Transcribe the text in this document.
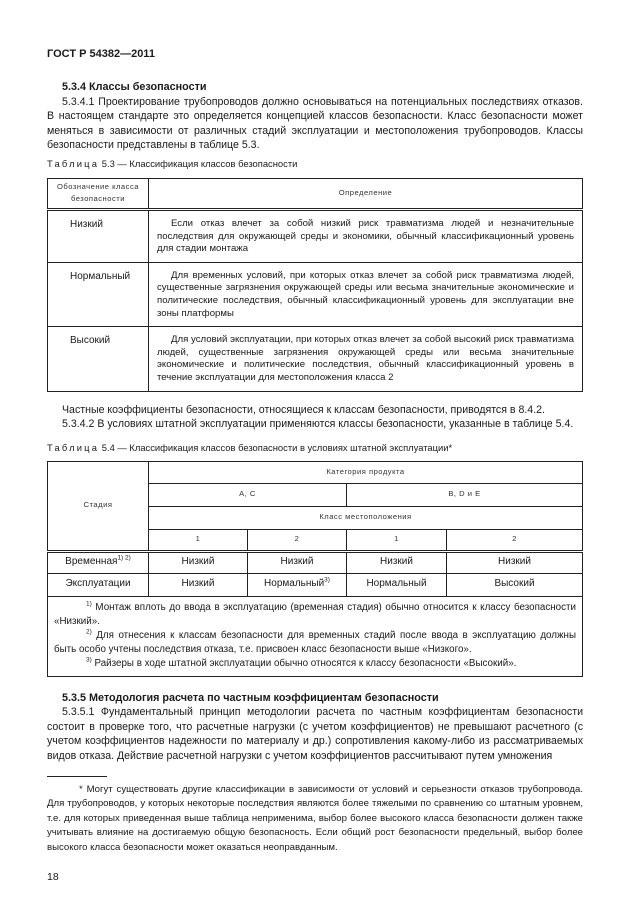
ГОСТ Р 54382—2011
5.3.4 Классы безопасности

5.3.4.1 Проектирование трубопроводов должно основываться на потенциальных последствиях отказов. В настоящем стандарте это определяется концепцией классов безопасности. Класс безопасности может меняться в зависимости от различных стадий эксплуатации и местоположения трубопроводов. Классы безопасности представлены в таблице 5.3.

Таблица 5.3 — Классификация классов безопасности
Обозначение класса безопасности	Определение
Низкий	Если отказ влечет за собой низкий риск травматизма людей и незначительные последствия для окружающей среды и экономики, обычный классификационный уровень для стадии монтажа
Нормальный	Для временных условий, при которых отказ влечет за собой риск травматизма людей, существенные загрязнения окружающей среды или весьма значительные экономические и политические последствия, обычный классификационный уровень для эксплуатации вне зоны платформы
Высокий	Для условий эксплуатации, при которых отказ влечет за собой высокий риск травматизма людей, существенные загрязнения окружающей среды или весьма значительные экономические и политические последствия, обычный классификационный уровень в течение эксплуатации для местоположения класса 2

Частные коэффициенты безопасности, относящиеся к классам безопасности, приводятся в 8.4.2.

5.3.4.2 В условиях штатной эксплуатации применяются классы безопасности, указанные в таблице 5.4.

Таблица 5.4 — Классификация классов безопасности в условиях штатной эксплуатации*
Стадия	Категория продукта			
	А, С		В, D и Е	
	Класс местоположения			
	1	2	1	2
Временная$^{1) 2)}$	Низкий	Низкий	Низкий	Низкий
Эксплуатации	Низкий	Нормальный$^{3)}$	Нормальный	Высокий

$^{1)}$ Монтаж вплоть до ввода в эксплуатацию (временная стадия) обычно относится к классу безопасности «Низкий».

$^{2)}$ Для отнесения к классам безопасности для временных стадий после ввода в эксплуатацию должны быть особо учтены последствия отказа, т.е. присвоен класс безопасности выше «Низкого».

$^{3)}$ Райзеры в ходе штатной эксплуатации обычно относятся к классу безопасности «Высокий».				

5.3.5 Методология расчета по частным коэффициентам безопасности

5.3.5.1 Фундаментальный принцип методологии расчета по частным коэффициентам безопасности состоит в проверке того, что расчетные нагрузки (с учетом коэффициентов) не превышают расчетного (с учетом коэффициентов надежности по материалу и др.) сопротивления какому-либо из рассматриваемых видов отказа. Действие расчетной нагрузки с учетом коэффициентов рассчитывают путем умножения

* Могут существовать другие классификации в зависимости от условий и серьезности отказов трубопровода. Для трубопроводов, у которых некоторые последствия являются более тяжелыми по сравнению со штатным уровнем, т.е. для которых приведенная выше таблица неприменима, выбор более высокого класса безопасности должен также учитывать влияние на достигаемую общую безопасность. Если общий рост безопасности предельный, выбор более высокого класса безопасности может оказаться неоправданным.

18
